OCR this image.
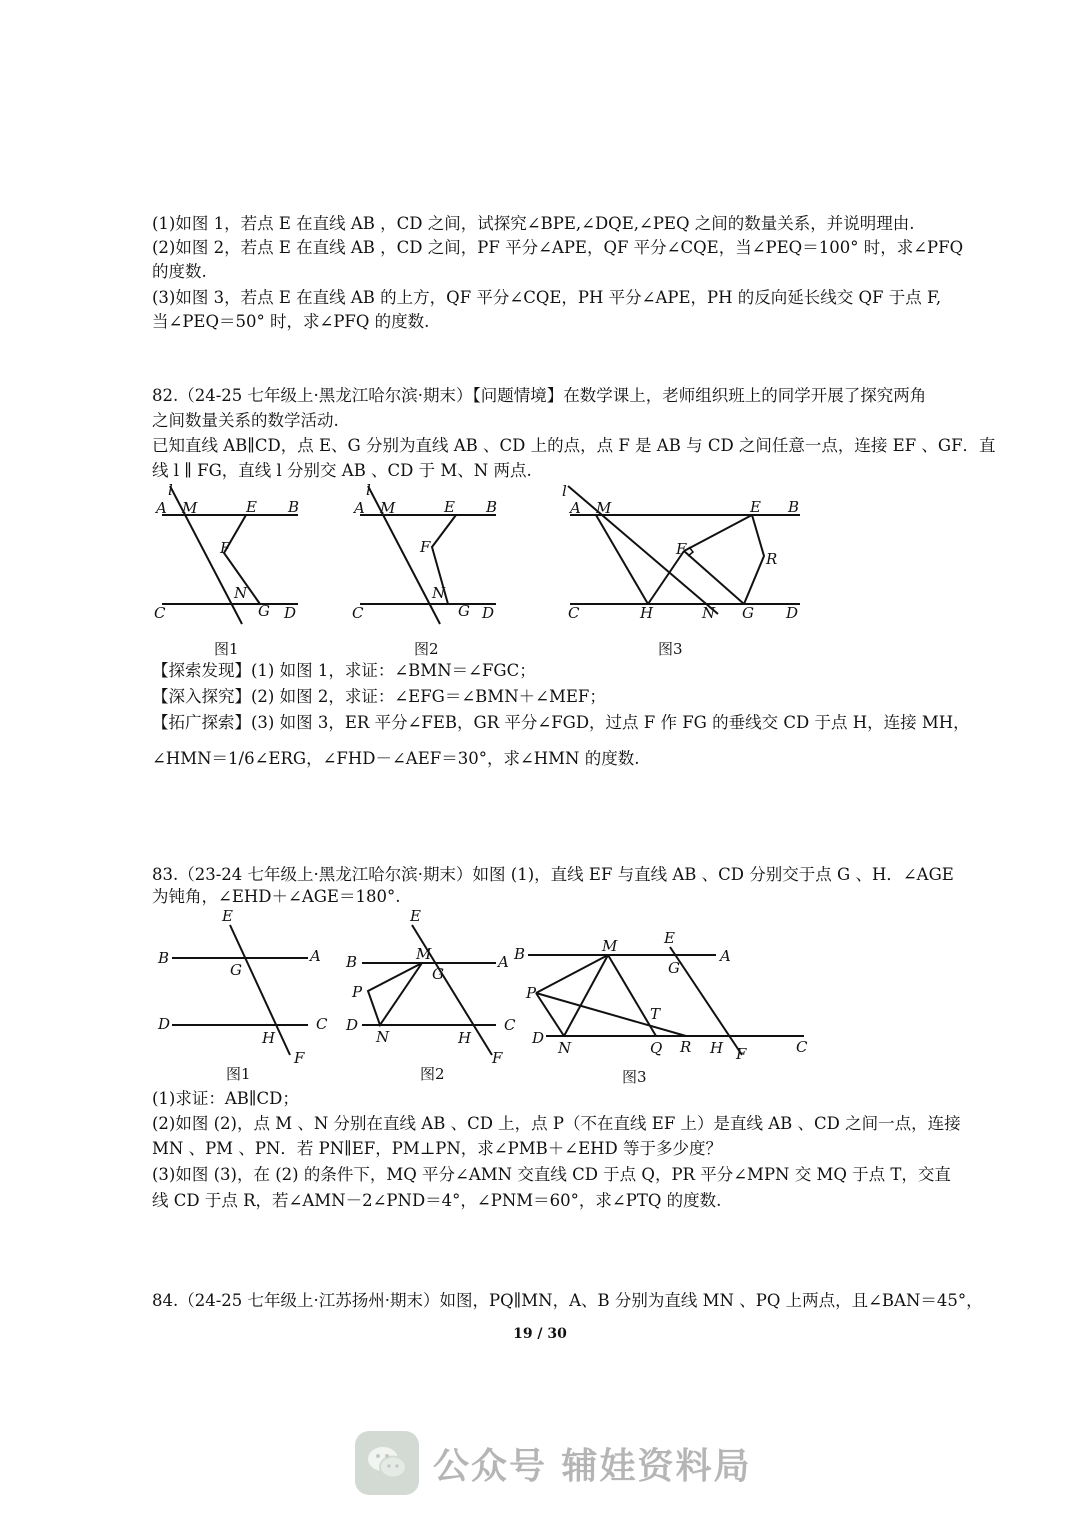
(1)如图 1，若点 E 在直线 AB ，CD 之间，试探究∠BPE,∠DQE,∠PEQ 之间的数量关系，并说明理由.
(2)如图 2，若点 E 在直线 AB ，CD 之间，PF 平分∠APE，QF 平分∠CQE，当∠PEQ＝100° 时，求∠PFQ
的度数.
(3)如图 3，若点 E 在直线 AB 的上方，QF 平分∠CQE，PH 平分∠APE，PH 的反向延长线交 QF 于点 F,
当∠PEQ＝50° 时，求∠PFQ 的度数.
82.（24-25 七年级上·黑龙江哈尔滨·期末）【问题情境】在数学课上，老师组织班上的同学开展了探究两角
之间数量关系的数学活动.
已知直线 AB∥CD，点 E、G 分别为直线 AB 、CD 上的点，点 F 是 AB 与 CD 之间任意一点，连接 EF 、GF．直
线 l ∥ FG，直线 l 分别交 AB 、CD 于 M、N 两点.
l
A M	E B
F
C
N
G D
l
A M	E B
F
C
N
G D
l
A M	E B
F
R
C	H	N G D
图1	图2	图3
【探索发现】(1) 如图 1，求证：∠BMN＝∠FGC；
【深入探究】(2) 如图 2，求证：∠EFG＝∠BMN＋∠MEF；
【拓广探索】(3) 如图 3，ER 平分∠FEB，GR 平分∠FGD，过点 F 作 FG 的垂线交 CD 于点 H，连接 MH，
∠HMN＝1/6∠ERG，∠FHD－∠AEF＝30°，求∠HMN 的度数.
83.（23-24 七年级上·黑龙江哈尔滨·期末）如图 (1)，直线 EF 与直线 AB 、CD 分别交于点 G 、H．∠AGE
为钝角，∠EHD＋∠AGE＝180°.
E
B
G
A
D	C
H
F
E
B	M	A
G
P
D
N
C
H
F
B	M	E
A
G
P
T
D
N	Q R H F	C
图1	图2	图3
(1)求证：AB∥CD；
(2)如图 (2)，点 M 、N 分别在直线 AB 、CD 上，点 P（不在直线 EF 上）是直线 AB 、CD 之间一点，连接
MN 、PM 、PN．若 PN∥EF，PM⊥PN，求∠PMB＋∠EHD 等于多少度？
(3)如图 (3)，在 (2) 的条件下，MQ 平分∠AMN 交直线 CD 于点 Q，PR 平分∠MPN 交 MQ 于点 T，交直
线 CD 于点 R，若∠AMN－2∠PND＝4°，∠PNM＝60°，求∠PTQ 的度数.
84.（24-25 七年级上·江苏扬州·期末）如图，PQ∥MN，A、B 分别为直线 MN 、PQ 上两点，且∠BAN＝45°，
19 / 30
公众号 辅娃资料局
